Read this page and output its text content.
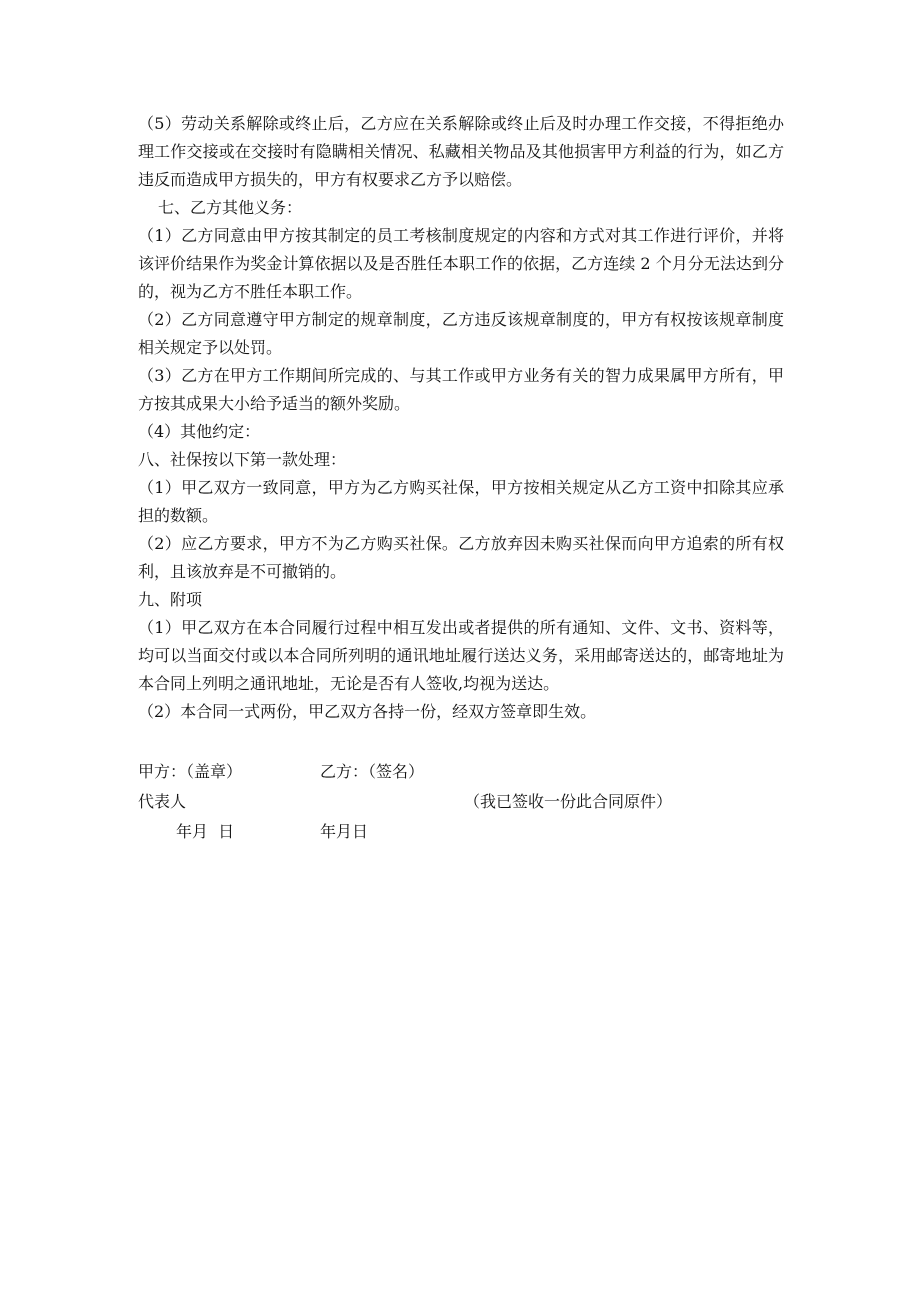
（5）劳动关系解除或终止后，乙方应在关系解除或终止后及时办理工作交接，不得拒绝办理工作交接或在交接时有隐瞒相关情况、私藏相关物品及其他损害甲方利益的行为，如乙方违反而造成甲方损失的，甲方有权要求乙方予以赔偿。

七、乙方其他义务：

（1）乙方同意由甲方按其制定的员工考核制度规定的内容和方式对其工作进行评价，并将该评价结果作为奖金计算依据以及是否胜任本职工作的依据，乙方连续 2 个月分无法达到分的，视为乙方不胜任本职工作。

（2）乙方同意遵守甲方制定的规章制度，乙方违反该规章制度的，甲方有权按该规章制度相关规定予以处罚。

（3）乙方在甲方工作期间所完成的、与其工作或甲方业务有关的智力成果属甲方所有，甲方按其成果大小给予适当的额外奖励。

（4）其他约定：

八、社保按以下第一款处理：

（1）甲乙双方一致同意，甲方为乙方购买社保，甲方按相关规定从乙方工资中扣除其应承担的数额。

（2）应乙方要求，甲方不为乙方购买社保。乙方放弃因未购买社保而向甲方追索的所有权利，且该放弃是不可撤销的。

九、附项

（1）甲乙双方在本合同履行过程中相互发出或者提供的所有通知、文件、文书、资料等，均可以当面交付或以本合同所列明的通讯地址履行送达义务，采用邮寄送达的，邮寄地址为本合同上列明之通讯地址，无论是否有人签收,均视为送达。

（2）本合同一式两份，甲乙双方各持一份，经双方签章即生效。

甲方：（盖章）	乙方：（签名）
代表人	（我已签收一份此合同原件）
年月  日	年月日
